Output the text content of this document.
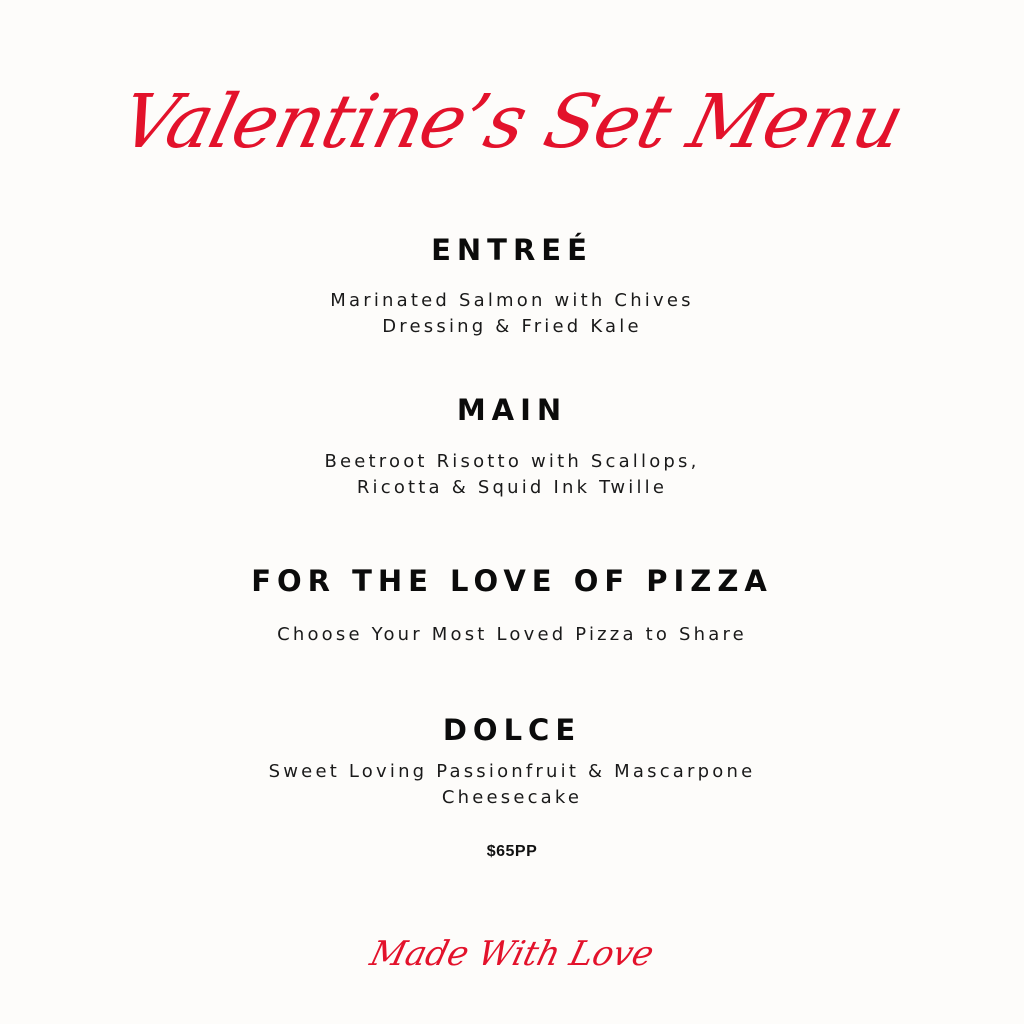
Valentine’s Set Menu
ENTREÉ
Marinated Salmon with Chives
Dressing & Fried Kale
MAIN
Beetroot Risotto with Scallops,
Ricotta & Squid Ink Twille
FOR THE LOVE OF PIZZA
Choose Your Most Loved Pizza to Share
DOLCE
Sweet Loving Passionfruit & Mascarpone
Cheesecake
$65PP
Made With Love
